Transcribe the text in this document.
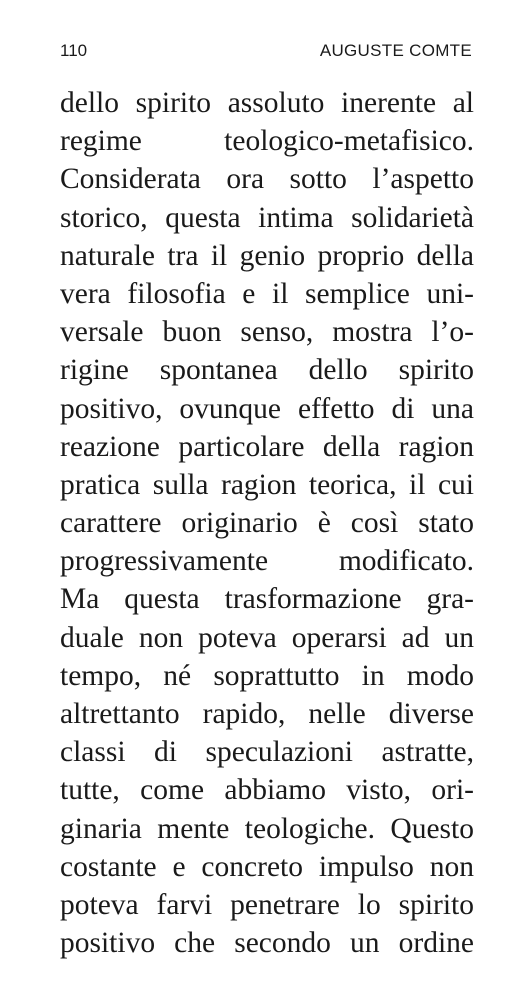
110	AUGUSTE COMTE
dello spirito assoluto inerente al
regime teologico-metafisico.
Considerata ora sotto l’aspetto
storico, questa intima solidarietà
naturale tra il genio proprio della
vera filosofia e il semplice uni-
versale buon senso, mostra l’o-
rigine spontanea dello spirito
positivo, ovunque effetto di una
reazione particolare della ragion
pratica sulla ragion teorica, il cui
carattere originario è così stato
progressivamente modificato.
Ma questa trasformazione gra-
duale non poteva operarsi ad un
tempo, né soprattutto in modo
altrettanto rapido, nelle diverse
classi di speculazioni astratte,
tutte, come abbiamo visto, ori-
ginaria mente teologiche. Questo
costante e concreto impulso non
poteva farvi penetrare lo spirito
positivo che secondo un ordine
